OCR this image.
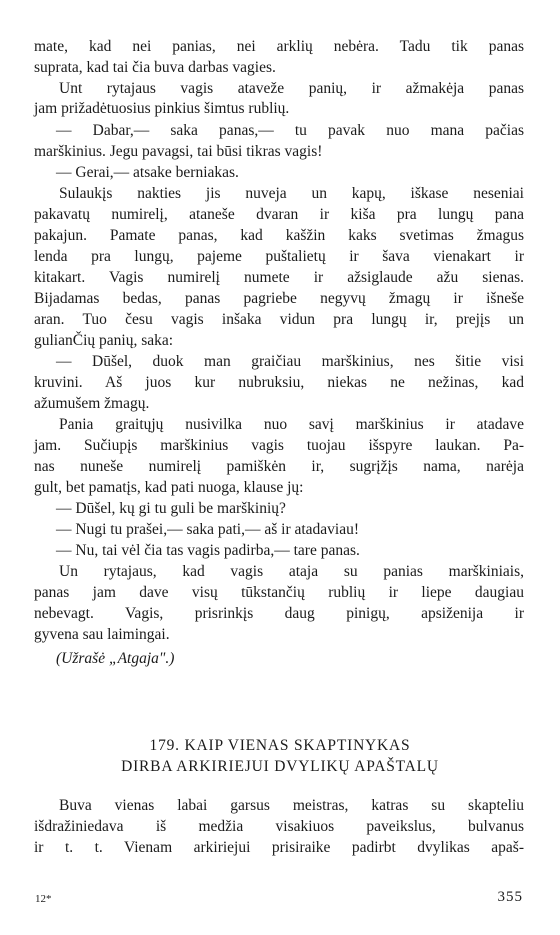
mate, kad nei panias, nei arklių nebėra. Tadu tik panas
suprata, kad tai čia buva darbas vagies.
Unt rytajaus vagis ataveže panių, ir ažmakėja panas
jam prižadėtuosius pinkius šimtus rublių.
— Dabar,— saka panas,— tu pavak nuo mana pačias
marškinius. Jegu pavagsi, tai būsi tikras vagis!
— Gerai,— atsake berniakas.
Sulaukįs nakties jis nuveja un kapų, iškase neseniai
pakavatų numirelį, ataneše dvaran ir kiša pra lungų pana
pakajun. Pamate panas, kad kašžin kaks svetimas žmagus
lenda pra lungų, pajeme puštalietų ir šava vienakart ir
kitakart. Vagis numirelį numete ir ažsiglaude ažu sienas.
Bijadamas bedas, panas pagriebe negyvų žmagų ir išneše
aran. Tuo česu vagis inšaka vidun pra lungų ir, prejįs un
gulianČių panių, saka:
— Dūšel, duok man graičiau marškinius, nes šitie visi
kruvini. Aš juos kur nubruksiu, niekas ne nežinas, kad
ažumušem žmagų.
Pania graitųjų nusivilka nuo savį marškinius ir atadave
jam. Sučiupįs marškinius vagis tuojau išspyre laukan. Pa-
nas nuneše numirelį pamiškėn ir, sugrįžįs nama, narėja
gult, bet pamatįs, kad pati nuoga, klause jų:
— Dūšel, kų gi tu guli be marškinių?
— Nugi tu prašei,— saka pati,— aš ir atadaviau!
— Nu, tai vėl čia tas vagis padirba,— tare panas.
Un rytajaus, kad vagis ataja su panias marškiniais,
panas jam dave visų tūkstančių rublių ir liepe daugiau
nebevagt. Vagis, prisrinkįs daug pinigų, apsiženija ir
gyvena sau laimingai.
(Užrašė „Atgaja".)
179. KAIP VIENAS SKAPTINYKAS
DIRBA ARKIRIEJUI DVYLIKŲ APAŠTALŲ
Buva vienas labai garsus meistras, katras su skapteliu
išdražiniedava iš medžia visakiuos paveikslus, bulvanus
ir t. t. Vienam arkiriejui prisiraike padirbt dvylikas apaš-
12*	355
